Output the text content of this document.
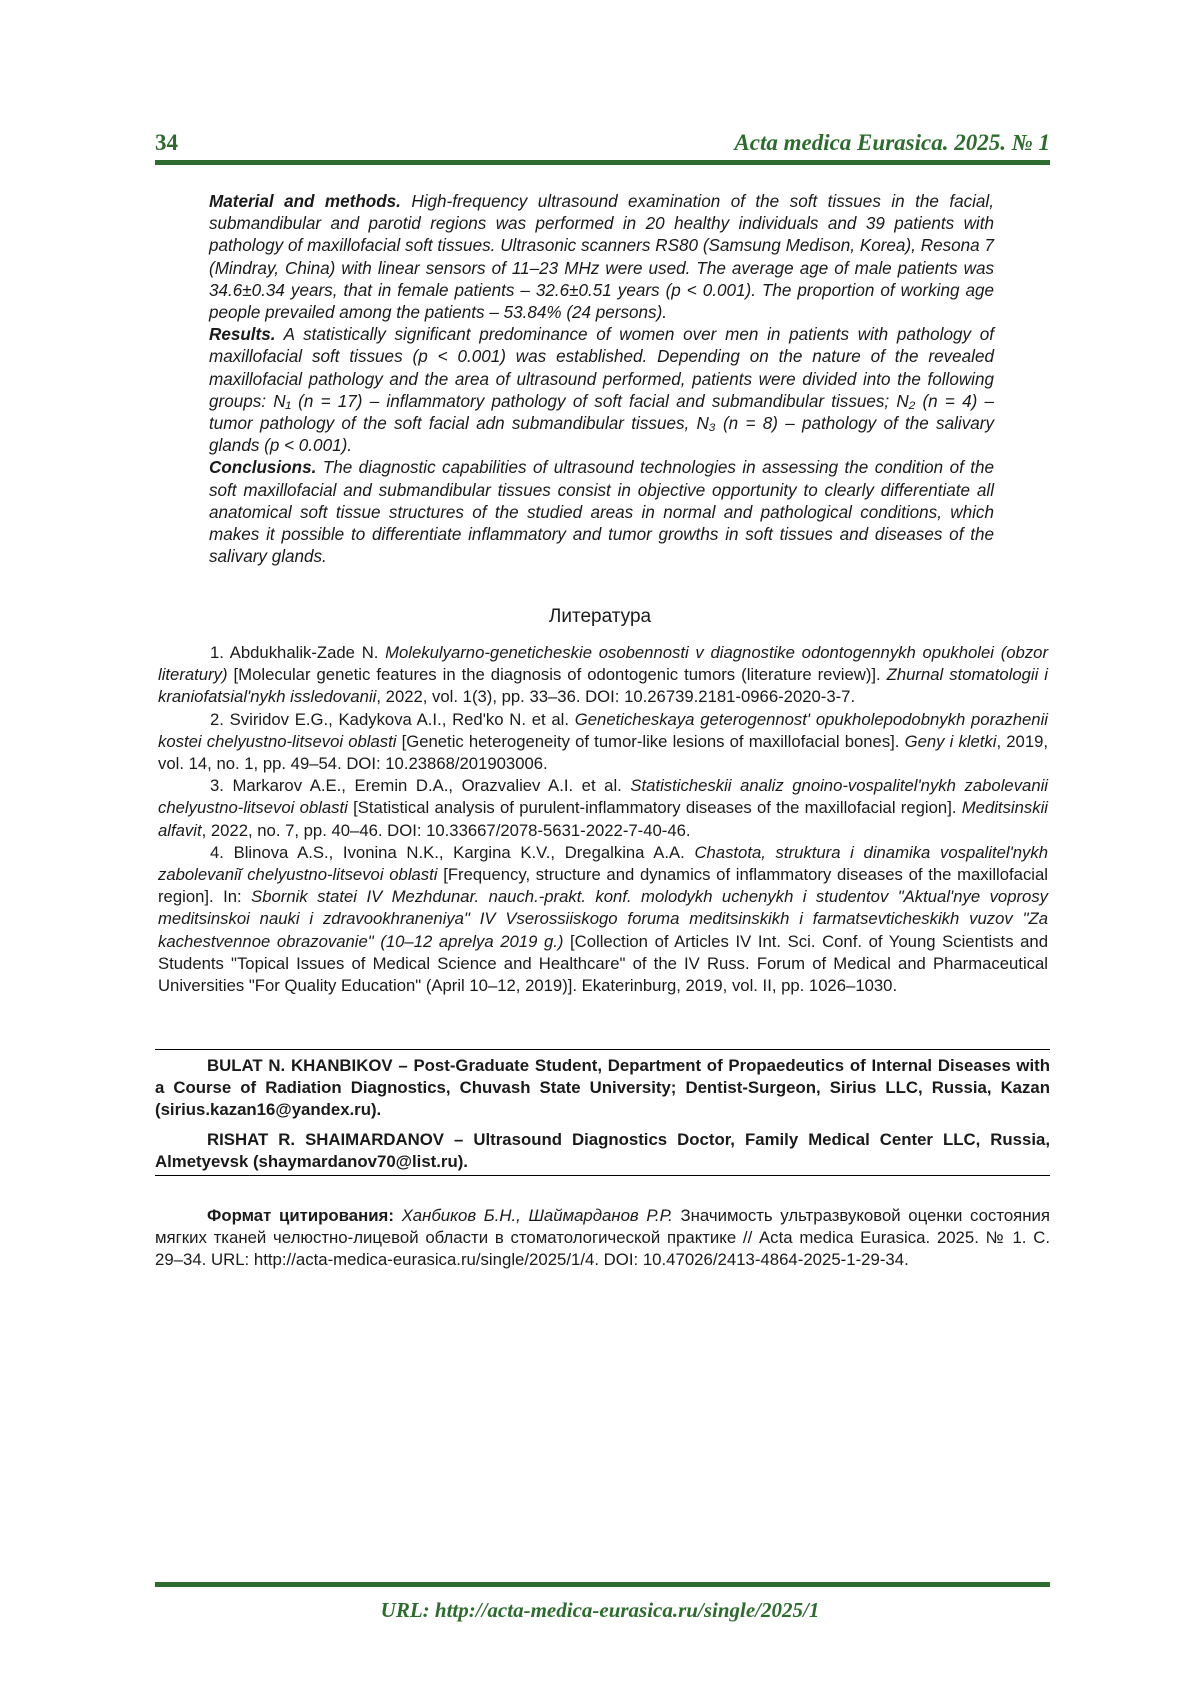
34	Acta medica Eurasica. 2025. № 1

Material and methods. High-frequency ultrasound examination of the soft tissues in the facial, submandibular and parotid regions was performed in 20 healthy individuals and 39 patients with pathology of maxillofacial soft tissues. Ultrasonic scanners RS80 (Samsung Medison, Korea), Resona 7 (Mindray, China) with linear sensors of 11–23 MHz were used. The average age of male patients was 34.6±0.34 years, that in female patients – 32.6±0.51 years (p < 0.001). The proportion of working age people prevailed among the patients – 53.84% (24 persons).

Results. A statistically significant predominance of women over men in patients with pathology of maxillofacial soft tissues (p < 0.001) was established. Depending on the nature of the revealed maxillofacial pathology and the area of ultrasound performed, patients were divided into the following groups: N₁ (n = 17) – inflammatory pathology of soft facial and submandibular tissues; N₂ (n = 4) – tumor pathology of the soft facial adn submandibular tissues, N₃ (n = 8) – pathology of the salivary glands (p < 0.001).

Conclusions. The diagnostic capabilities of ultrasound technologies in assessing the condition of the soft maxillofacial and submandibular tissues consist in objective opportunity to clearly differentiate all anatomical soft tissue structures of the studied areas in normal and pathological conditions, which makes it possible to differentiate inflammatory and tumor growths in soft tissues and diseases of the salivary glands.

Литература

1. Abdukhalik-Zade N. Molekulyarno-geneticheskie osobennosti v diagnostike odontogennykh opukholei (obzor literatury) [Molecular genetic features in the diagnosis of odontogenic tumors (literature review)]. Zhurnal stomatologii i kraniofatsial'nykh issledovanii, 2022, vol. 1(3), pp. 33–36. DOI: 10.26739.2181-0966-2020-3-7.

2. Sviridov E.G., Kadykova A.I., Red'ko N. et al. Geneticheskaya geterogennost' opukholepodobnykh porazhenii kostei chelyustno-litsevoi oblasti [Genetic heterogeneity of tumor-like lesions of maxillofacial bones]. Geny i kletki, 2019, vol. 14, no. 1, pp. 49–54. DOI: 10.23868/201903006.

3. Markarov A.E., Eremin D.A., Orazvaliev A.I. et al. Statisticheskii analiz gnoino-vospalitel'nykh zabolevanii chelyustno-litsevoi oblasti [Statistical analysis of purulent-inflammatory diseases of the maxillofacial region]. Meditsinskii alfavit, 2022, no. 7, pp. 40–46. DOI: 10.33667/2078-5631-2022-7-40-46.

4. Blinova A.S., Ivonina N.K., Kargina K.V., Dregalkina A.A. Chastota, struktura i dinamika vospalitel'nykh zabolevaniĭ chelyustno-litsevoi oblasti [Frequency, structure and dynamics of inflammatory diseases of the maxillofacial region]. In: Sbornik statei IV Mezhdunar. nauch.-prakt. konf. molodykh uchenykh i studentov "Aktual'nye voprosy meditsinskoi nauki i zdravookhraneniya" IV Vserossiiskogo foruma meditsinskikh i farmatsevticheskikh vuzov "Za kachestvennoe obrazovanie" (10–12 aprelya 2019 g.) [Collection of Articles IV Int. Sci. Conf. of Young Scientists and Students "Topical Issues of Medical Science and Healthcare" of the IV Russ. Forum of Medical and Pharmaceutical Universities "For Quality Education" (April 10–12, 2019)]. Ekaterinburg, 2019, vol. II, pp. 1026–1030.

BULAT N. KHANBIKOV – Post-Graduate Student, Department of Propaedeutics of Internal Diseases with a Course of Radiation Diagnostics, Chuvash State University; Dentist-Surgeon, Sirius LLC, Russia, Kazan (sirius.kazan16@yandex.ru).

RISHAT R. SHAIMARDANOV – Ultrasound Diagnostics Doctor, Family Medical Center LLC, Russia, Almetyevsk (shaymardanov70@list.ru).

Формат цитирования: Ханбиков Б.Н., Шаймарданов Р.Р. Значимость ультразвуковой оценки состояния мягких тканей челюстно-лицевой области в стоматологической практике // Acta medica Eurasica. 2025. № 1. С. 29–34. URL: http://acta-medica-eurasica.ru/single/2025/1/4. DOI: 10.47026/2413-4864-2025-1-29-34.

URL: http://acta-medica-eurasica.ru/single/2025/1
